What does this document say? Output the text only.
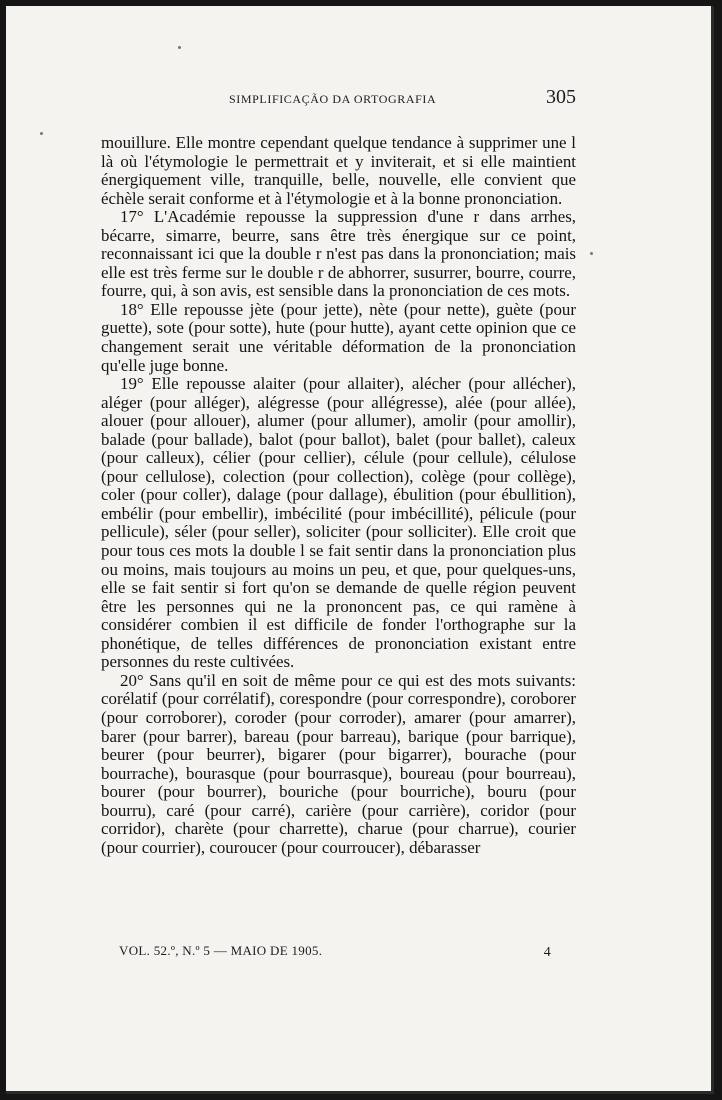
SIMPLIFICAÇÃO DA ORTOGRAFIA	305

mouillure. Elle montre cependant quelque tendance à supprimer une l là où l'étymologie le permettrait et y inviterait, et si elle maintient énergiquement ville, tranquille, belle, nouvelle, elle convient que échèle serait conforme et à l'étymologie et à la bonne prononciation.

17° L'Académie repousse la suppression d'une r dans arrhes, bécarre, simarre, beurre, sans être très énergique sur ce point, reconnaissant ici que la double r n'est pas dans la prononciation; mais elle est très ferme sur le double r de abhorrer, susurrer, bourre, courre, fourre, qui, à son avis, est sensible dans la prononciation de ces mots.

18° Elle repousse jète (pour jette), nète (pour nette), guète (pour guette), sote (pour sotte), hute (pour hutte), ayant cette opinion que ce changement serait une véritable déformation de la prononciation qu'elle juge bonne.

19° Elle repousse alaiter (pour allaiter), alécher (pour allécher), aléger (pour alléger), alégresse (pour allégresse), alée (pour allée), alouer (pour allouer), alumer (pour allumer), amolir (pour amollir), balade (pour ballade), balot (pour ballot), balet (pour ballet), caleux (pour calleux), célier (pour cellier), célule (pour cellule), célulose (pour cellulose), colection (pour collection), colège (pour collège), coler (pour coller), dalage (pour dallage), ébulition (pour ébullition), embélir (pour embellir), imbécilité (pour imbécillité), pélicule (pour pellicule), séler (pour seller), soliciter (pour solliciter). Elle croit que pour tous ces mots la double l se fait sentir dans la prononciation plus ou moins, mais toujours au moins un peu, et que, pour quelques-uns, elle se fait sentir si fort qu'on se demande de quelle région peuvent être les personnes qui ne la prononcent pas, ce qui ramène à considérer combien il est difficile de fonder l'orthographe sur la phonétique, de telles différences de prononciation existant entre personnes du reste cultivées.

20° Sans qu'il en soit de même pour ce qui est des mots suivants: corélatif (pour corrélatif), corespondre (pour correspondre), coroborer (pour corroborer), coroder (pour corroder), amarer (pour amarrer), barer (pour barrer), bareau (pour barreau), barique (pour barrique), beurer (pour beurrer), bigarer (pour bigarrer), bourache (pour bourrache), bourasque (pour bourrasque), boureau (pour bourreau), bourer (pour bourrer), bouriche (pour bourriche), bouru (pour bourru), caré (pour carré), carière (pour carrière), coridor (pour corridor), charète (pour charrette), charue (pour charrue), courier (pour courrier), couroucer (pour courroucer), débarasser

VOL. 52.º, N.º 5 — MAIO DE 1905.	4
